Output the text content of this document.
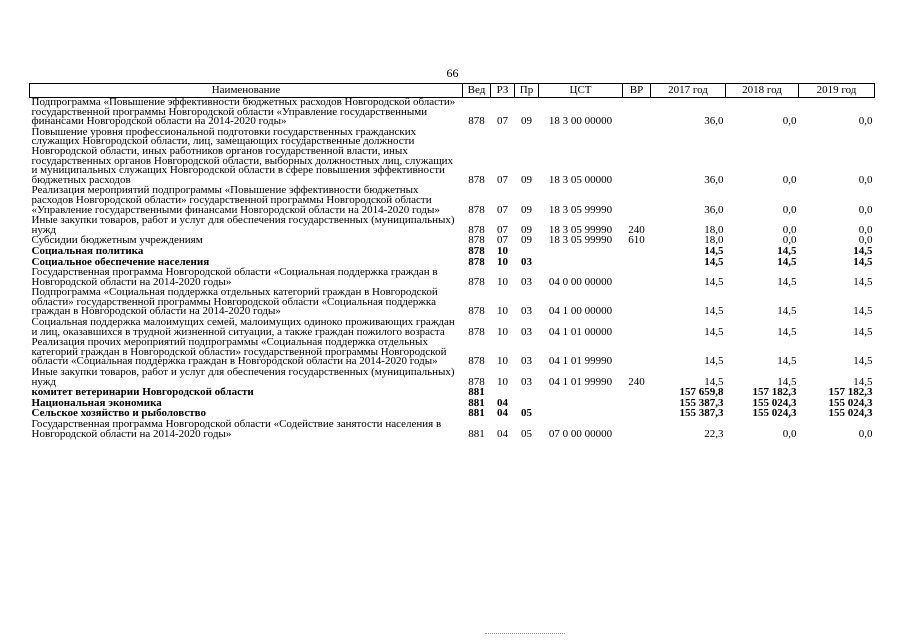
66
Наименование	Вед	РЗ	Пр	ЦСТ	ВР	2017 год	2018 год	2019 год
Подпрограмма «Повышение эффективности бюджетных расходов Новгородской области» государственной программы Новгородской области «Управление государственными финансами Новгородской области на 2014-2020 годы»	878	07	09	18 3 00 00000		36,0	0,0	0,0
Повышение уровня профессиональной подготовки государственных гражданских служащих Новгородской области, лиц, замещающих государственные должности Новгородской области, иных работников органов государственной власти, иных государственных органов Новгородской области, выборных должностных лиц, служащих и муниципальных служащих Новгородской области в сфере повышения эффективности бюджетных расходов	878	07	09	18 3 05 00000		36,0	0,0	0,0
Реализация мероприятий подпрограммы «Повышение эффективности бюджетных расходов Новгородской области» государственной программы Новгородской области «Управление государственными финансами Новгородской области на 2014-2020 годы»	878	07	09	18 3 05 99990		36,0	0,0	0,0
Иные закупки товаров, работ и услуг для обеспечения государственных (муниципальных) нужд	878	07	09	18 3 05 99990	240	18,0	0,0	0,0
Субсидии бюджетным учреждениям	878	07	09	18 3 05 99990	610	18,0	0,0	0,0
Социальная политика	878	10				14,5	14,5	14,5
Социальное обеспечение населения	878	10	03			14,5	14,5	14,5
Государственная программа Новгородской области «Социальная поддержка граждан в Новгородской области на 2014-2020 годы»	878	10	03	04 0 00 00000		14,5	14,5	14,5
Подпрограмма «Социальная поддержка отдельных категорий граждан в Новгородской области» государственной программы Новгородской области «Социальная поддержка граждан в Новгородской области на 2014-2020 годы»	878	10	03	04 1 00 00000		14,5	14,5	14,5
Социальная поддержка малоимущих семей, малоимущих одиноко проживающих граждан и лиц, оказавшихся в трудной жизненной ситуации, а также граждан пожилого возраста	878	10	03	04 1 01 00000		14,5	14,5	14,5
Реализация прочих мероприятий подпрограммы «Социальная поддержка отдельных категорий граждан в Новгородской области» государственной программы Новгородской области «Социальная поддержка граждан в Новгородской области на 2014-2020 годы»	878	10	03	04 1 01 99990		14,5	14,5	14,5
Иные закупки товаров, работ и услуг для обеспечения государственных (муниципальных) нужд	878	10	03	04 1 01 99990	240	14,5	14,5	14,5
комитет ветеринарии Новгородской области	881					157 659,8	157 182,3	157 182,3
Национальная экономика	881	04				155 387,3	155 024,3	155 024,3
Сельское хозяйство и рыболовство	881	04	05			155 387,3	155 024,3	155 024,3
Государственная программа Новгородской области «Содействие занятости населения в Новгородской области на 2014-2020 годы»	881	04	05	07 0 00 00000		22,3	0,0	0,0
